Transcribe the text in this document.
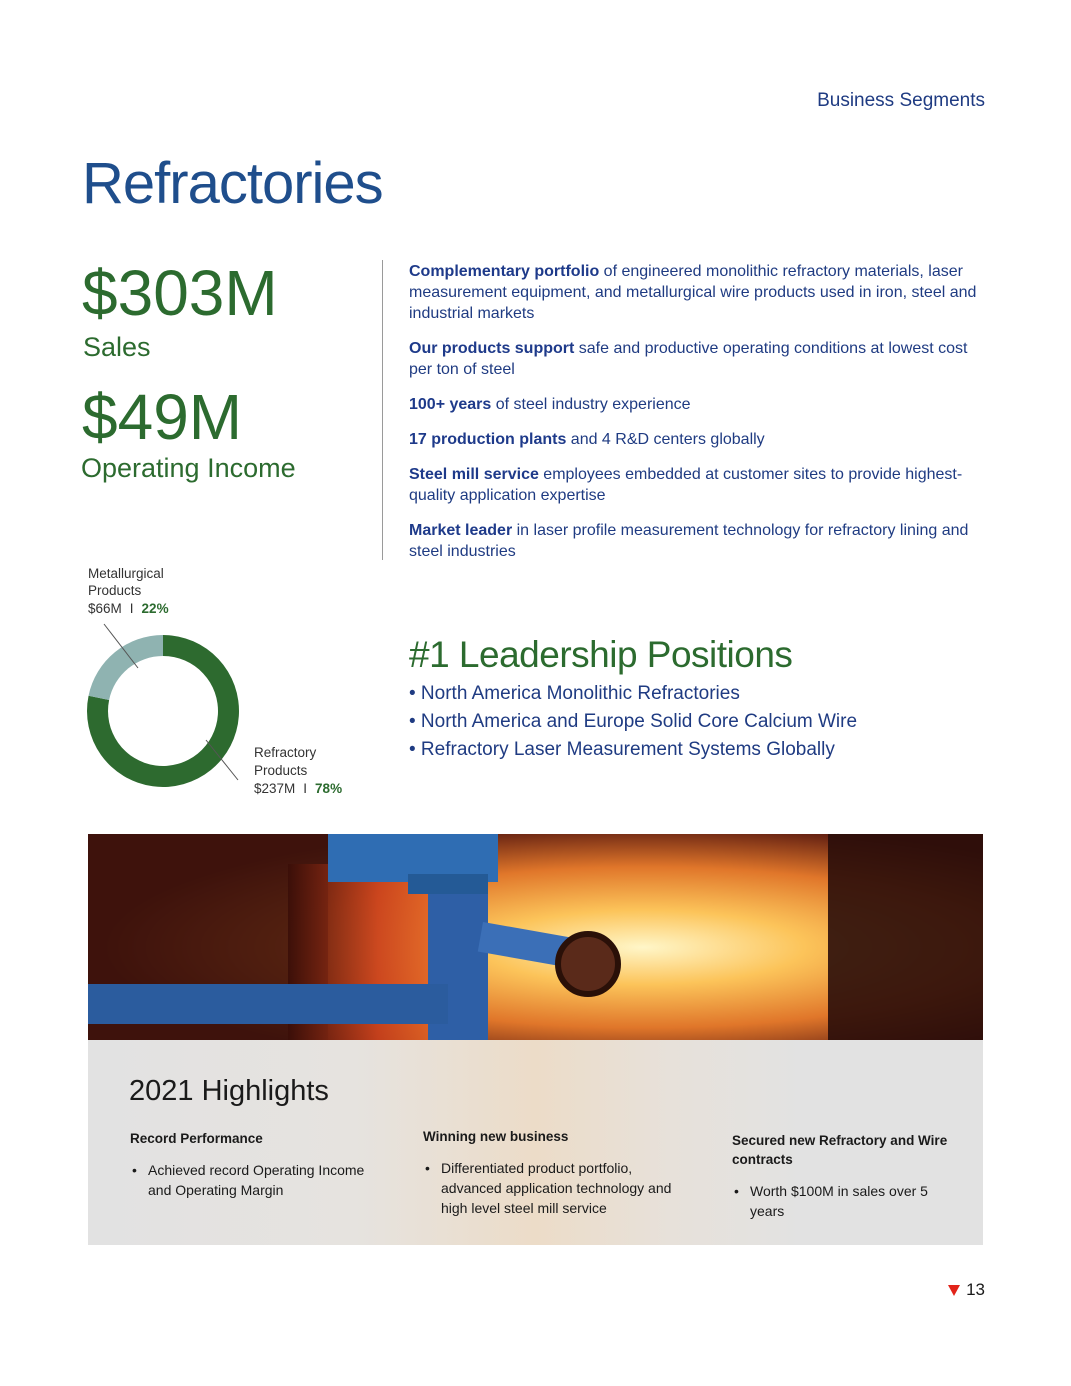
Business Segments
Refractories
$303M
Sales
$49M
Operating Income
Complementary portfolio of engineered monolithic refractory materials, laser measurement equipment, and metallurgical wire products used in iron, steel and industrial markets
Our products support safe and productive operating conditions at lowest cost per ton of steel
100+ years of steel industry experience
17 production plants and 4 R&D centers globally
Steel mill service employees embedded at customer sites to provide highest-quality application expertise
Market leader in laser profile measurement technology for refractory lining and steel industries
Metallurgical
Products
$66M I 22%
Refractory
Products
$237M I 78%
#1 Leadership Positions
• North America Monolithic Refractories
• North America and Europe Solid Core Calcium Wire
• Refractory Laser Measurement Systems Globally
2021 Highlights
Record Performance
• Achieved record Operating Income and Operating Margin
Winning new business
• Differentiated product portfolio, advanced application technology and high level steel mill service
Secured new Refractory and Wire contracts
• Worth $100M in sales over 5 years
13
